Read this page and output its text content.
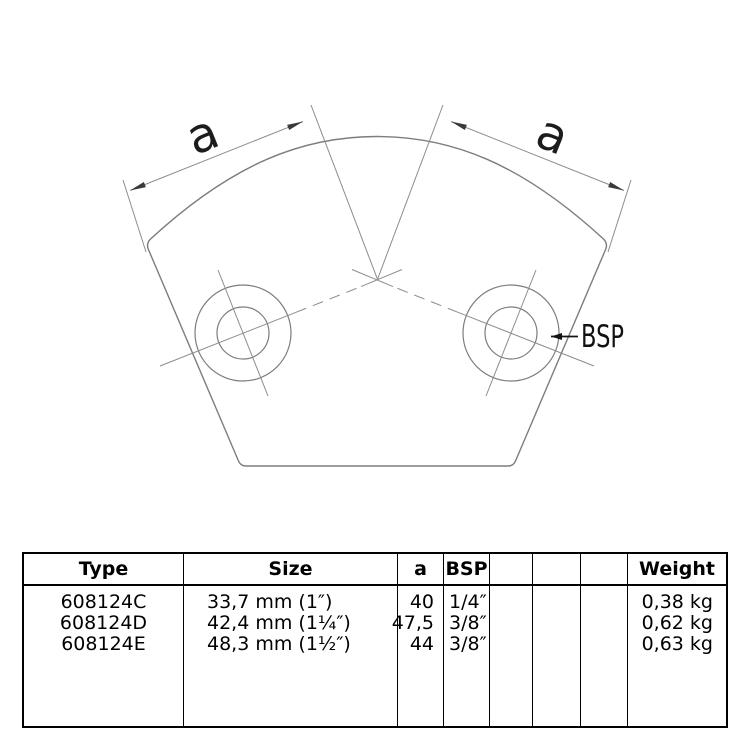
a	a
BSP
Type	Size	a BSP	Weight
608124C	33,7 mm (1″)	40 1/4″	0,38 kg
608124D	42,4 mm (1¼″)	47,5 3/8″	0,62 kg
608124E	48,3 mm (1½″)	44 3/8″	0,63 kg
